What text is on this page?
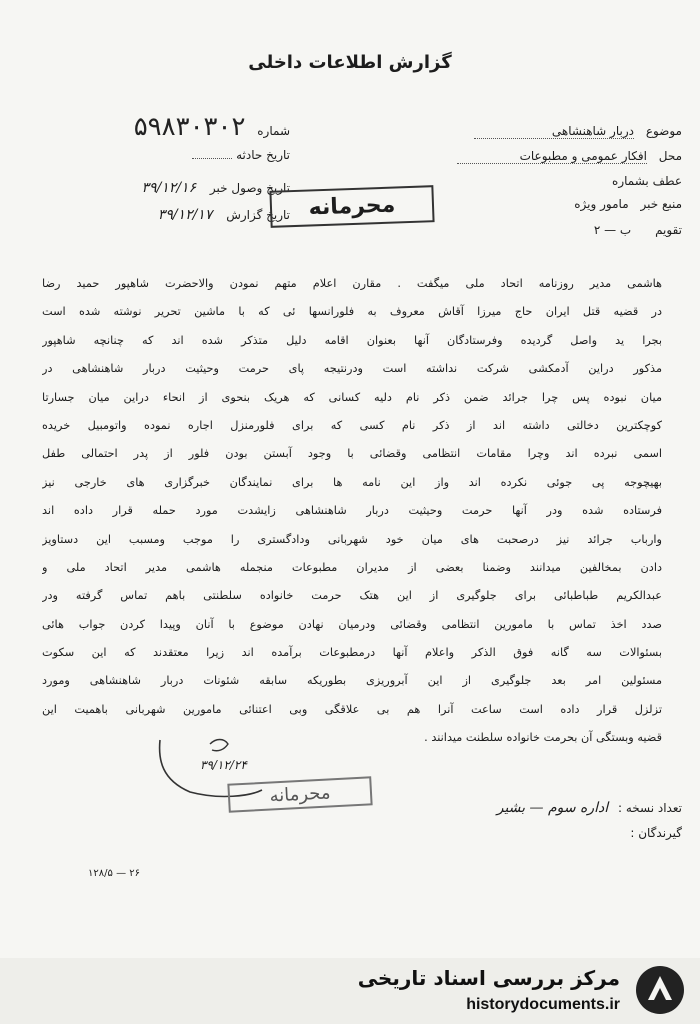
گزارش اطلاعات داخلی
شماره ۵۹۸۳۰۳۰۲
تاریخ حادثه
تاریخ وصول خبر ۳۹/۱۲/۱۶
تاریخ گزارش ۳۹/۱۲/۱۷
موضوع دربار شاهنشاهی
محل افکار عمومی و مطبوعات
عطف بشماره
منبع خبر مامور ویژه
تقویم ب — ۲
محرمانه
هاشمی مدیر روزنامه اتحاد ملی میگفت . مقارن اعلام متهم نمودن والاحضرت شاهپور حمید رضا
در قضیه قتل ایران حاج میرزا آقاش معروف به فلورانسها ئی که با ماشین تحریر نوشته شده است
بجرا ید واصل گردیده وفرستادگان آنها بعنوان اقامه دلیل متذکر شده اند که چنانچه شاهپور
مذکور دراین آدمکشی شرکت نداشته است ودرنتیجه پای حرمت وحیثیت دربار شاهنشاهی در
میان نبوده پس چرا جرائد ضمن ذکر نام دلیه کسانی که هریک بنحوی از انحاء دراین میان جسارتا
کوچکترین دخالتی داشته اند از ذکر نام کسی که برای فلورمنزل اجاره نموده واتومبیل خریده
اسمی نبرده اند وچرا مقامات انتظامی وقضائی با وجود آبستن بودن فلور از پدر احتمالی طفل
بهیچوجه پی جوئی نکرده اند واز این نامه ها برای نمایندگان خبرگزاری های خارجی نیز
فرستاده شده ودر آنها حرمت وحیثیت دربار شاهنشاهی زایشدت مورد حمله قرار داده اند
وارباب جرائد نیز درصحبت های میان خود شهربانی ودادگستری را موجب ومسبب این دستاویز
دادن بمخالفین میدانند وضمنا بعضی از مدیران مطبوعات منجمله هاشمی مدیر اتحاد ملی و
عبدالکریم طباطبائی برای جلوگیری از این هتک حرمت خانواده سلطنتی باهم تماس گرفته ودر
صدد اخذ تماس با مامورین انتظامی وقضائی ودرمیان نهادن موضوع با آنان وپیدا کردن جواب هائی
بسئوالات سه گانه فوق الذکر واعلام آنها درمطبوعات برآمده اند زیرا معتقدند که این سکوت
مسئولین امر بعد جلوگیری از این آبروریزی بطوریکه سابقه شئونات دربار شاهنشاهی ومورد
تزلزل قرار داده است ساعت آنرا هم بی علاقگی وبی اعتنائی مامورین شهربانی باهمیت این
قضیه وبستگی آن بحرمت خانواده سلطنت میدانند .
۳۹/۱۲/۲۴
محرمانه
تعداد نسخه : اداره سوم — بشیر
گیرندگان :
۲۶ — ۱۲۸/۵
مرکز بررسی اسناد تاریخی
historydocuments.ir
